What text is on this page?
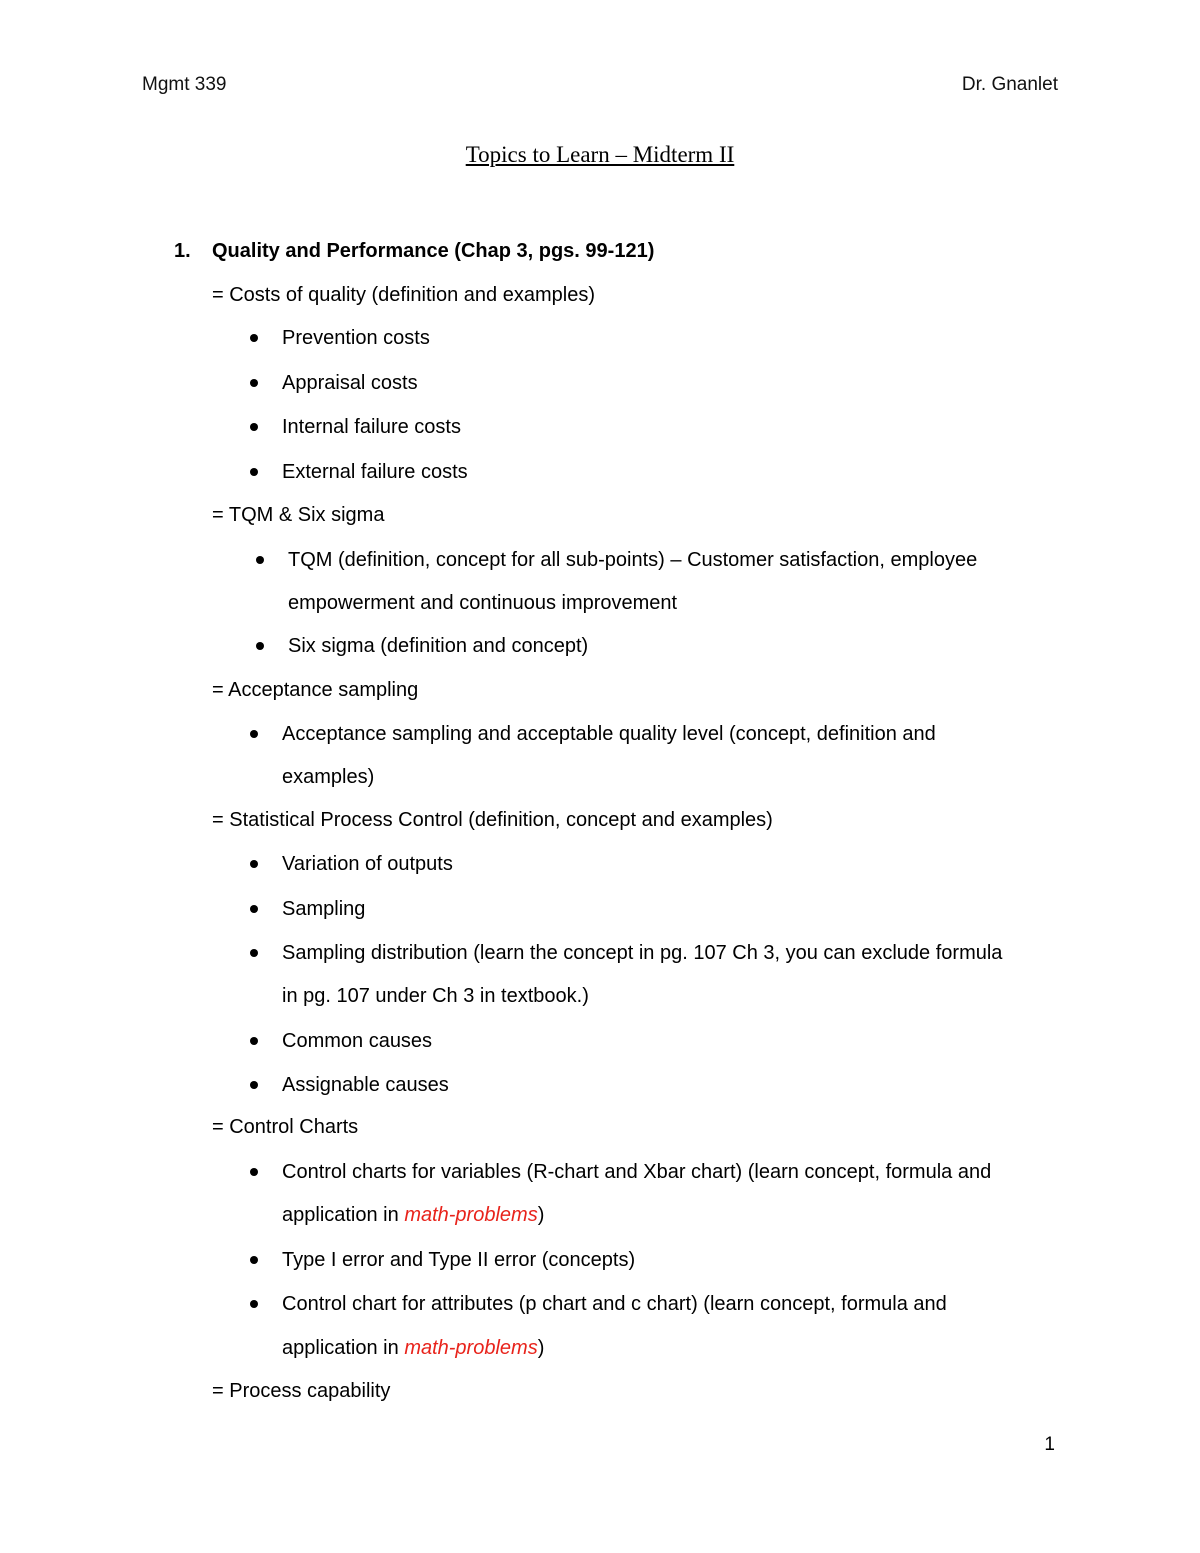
Mgmt 339	Dr. Gnanlet
Topics to Learn – Midterm II
1. Quality and Performance (Chap 3, pgs. 99-121)
= Costs of quality (definition and examples)
Prevention costs
Appraisal costs
Internal failure costs
External failure costs
= TQM & Six sigma
TQM (definition, concept for all sub-points) – Customer satisfaction, employee
empowerment and continuous improvement
Six sigma (definition and concept)
= Acceptance sampling
Acceptance sampling and acceptable quality level (concept, definition and
examples)
= Statistical Process Control (definition, concept and examples)
Variation of outputs
Sampling
Sampling distribution (learn the concept in pg. 107 Ch 3, you can exclude formula
in pg. 107 under Ch 3 in textbook.)
Common causes
Assignable causes
= Control Charts
Control charts for variables (R-chart and Xbar chart) (learn concept, formula and
application in math-problems)
Type I error and Type II error (concepts)
Control chart for attributes (p chart and c chart) (learn concept, formula and
application in math-problems)
= Process capability
1
